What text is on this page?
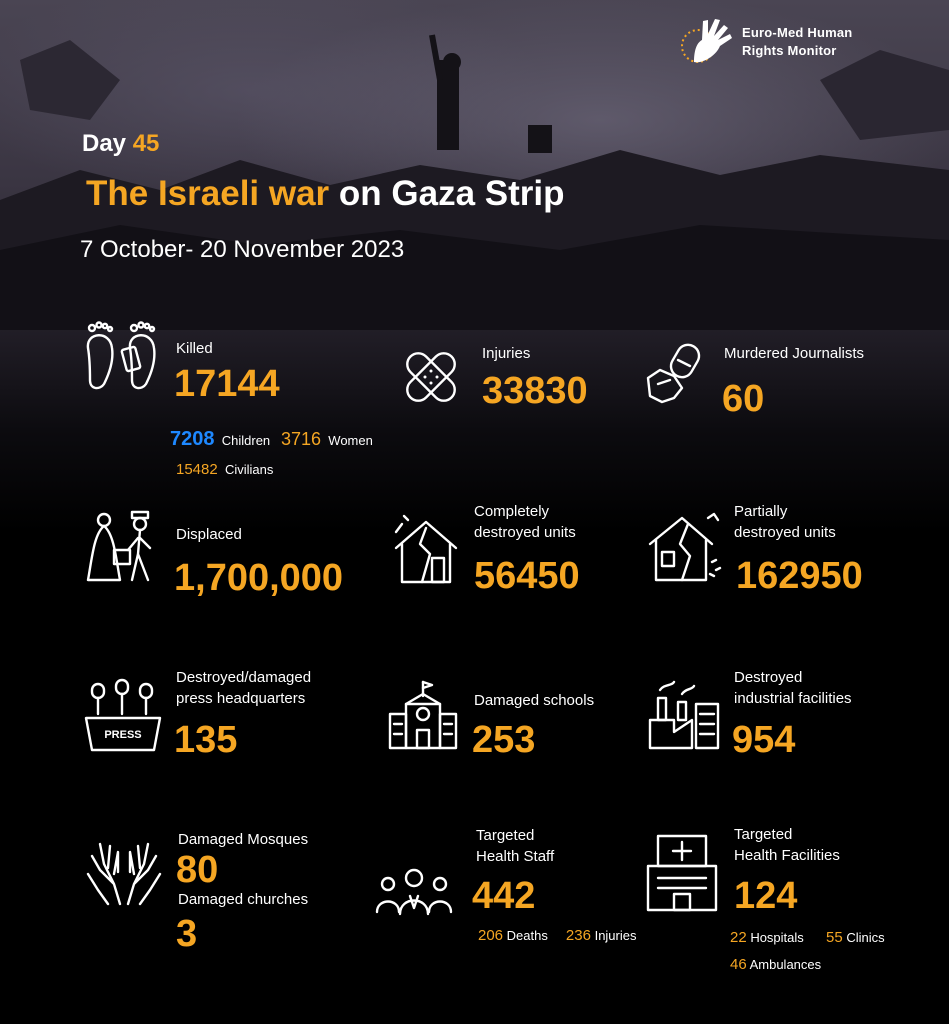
Euro-Med Human
Rights Monitor
Day 45
The Israeli war on Gaza Strip
7 October- 20 November 2023
Killed
17144
7208 Children 3716 Women
15482 Civilians
Injuries
33830
Murdered Journalists
60
Displaced
1,700,000
Completely
destroyed units
56450
Partially
destroyed units
162950
PRESS
Destroyed/damaged
press headquarters
135
Damaged schools
253
Destroyed
industrial facilities
954
Damaged Mosques
80
Damaged churches
3
Targeted
Health Staff
442
206 Deaths 236 Injuries
Targeted
Health Facilities
124
22 Hospitals 55 Clinics
46 Ambulances
